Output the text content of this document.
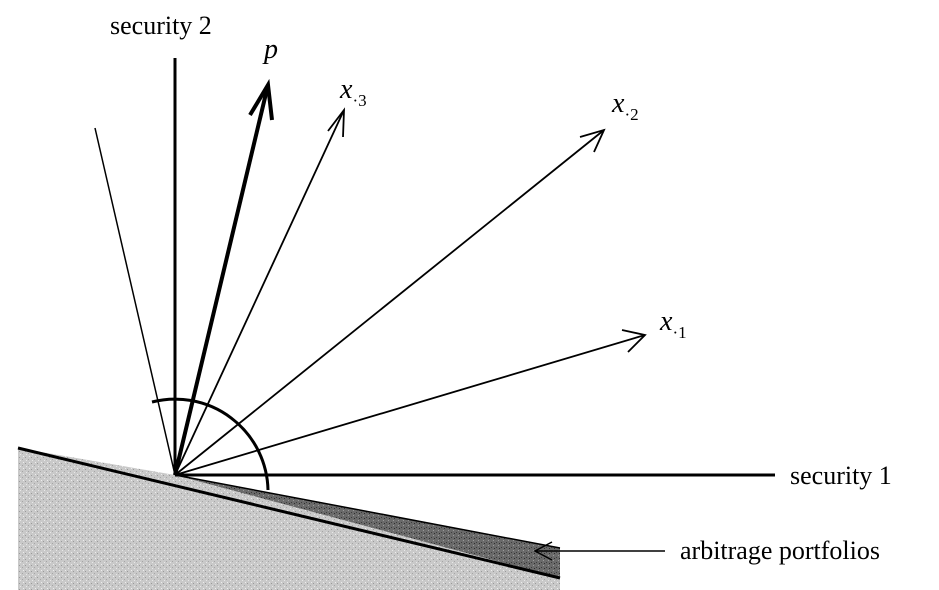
security 2
security 1
arbitrage portfolios
p
$x_{\cdot 3}$	$x_{\cdot 2}$
$x_{\cdot 1}$
